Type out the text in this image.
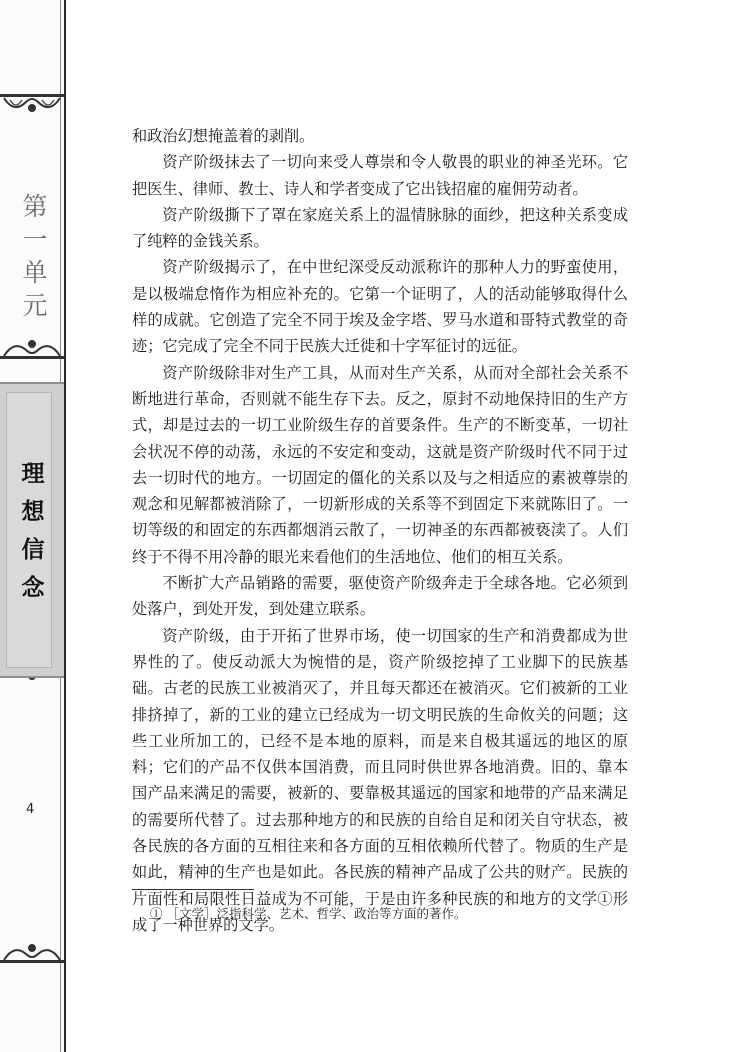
第
一
单
元
理
想
信
念
4

和政治幻想掩盖着的剥削。

资产阶级抹去了一切向来受人尊崇和令人敬畏的职业的神圣光环。它把医生、律师、教士、诗人和学者变成了它出钱招雇的雇佣劳动者。

资产阶级撕下了罩在家庭关系上的温情脉脉的面纱，把这种关系变成了纯粹的金钱关系。

资产阶级揭示了，在中世纪深受反动派称许的那种人力的野蛮使用，是以极端怠惰作为相应补充的。它第一个证明了，人的活动能够取得什么样的成就。它创造了完全不同于埃及金字塔、罗马水道和哥特式教堂的奇迹；它完成了完全不同于民族大迁徙和十字军征讨的远征。

资产阶级除非对生产工具，从而对生产关系，从而对全部社会关系不断地进行革命，否则就不能生存下去。反之，原封不动地保持旧的生产方式，却是过去的一切工业阶级生存的首要条件。生产的不断变革，一切社会状况不停的动荡，永远的不安定和变动，这就是资产阶级时代不同于过去一切时代的地方。一切固定的僵化的关系以及与之相适应的素被尊崇的观念和见解都被消除了，一切新形成的关系等不到固定下来就陈旧了。一切等级的和固定的东西都烟消云散了，一切神圣的东西都被亵渎了。人们终于不得不用冷静的眼光来看他们的生活地位、他们的相互关系。

不断扩大产品销路的需要，驱使资产阶级奔走于全球各地。它必须到处落户，到处开发，到处建立联系。

资产阶级，由于开拓了世界市场，使一切国家的生产和消费都成为世界性的了。使反动派大为惋惜的是，资产阶级挖掉了工业脚下的民族基础。古老的民族工业被消灭了，并且每天都还在被消灭。它们被新的工业排挤掉了，新的工业的建立已经成为一切文明民族的生命攸关的问题；这些工业所加工的，已经不是本地的原料，而是来自极其遥远的地区的原料；它们的产品不仅供本国消费，而且同时供世界各地消费。旧的、靠本国产品来满足的需要，被新的、要靠极其遥远的国家和地带的产品来满足的需要所代替了。过去那种地方的和民族的自给自足和闭关自守状态，被各民族的各方面的互相往来和各方面的互相依赖所代替了。物质的生产是如此，精神的生产也是如此。各民族的精神产品成了公共的财产。民族的片面性和局限性日益成为不可能，于是由许多种民族的和地方的文学①形成了一种世界的文学。

① ［文学］泛指科学、艺术、哲学、政治等方面的著作。
